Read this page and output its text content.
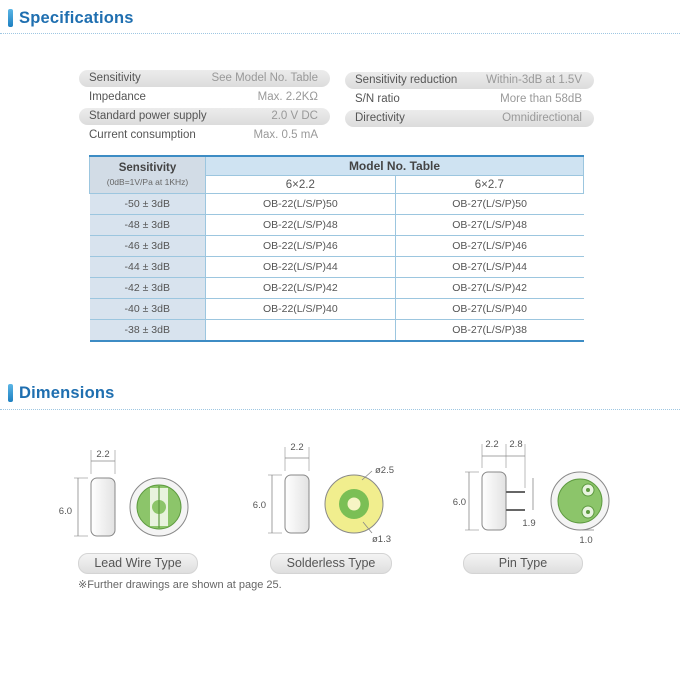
Specifications
Sensitivity	See Model No. Table
Impedance	Max. 2.2KΩ
Standard power supply	2.0 V DC
Current consumption	Max. 0.5 mA
Sensitivity reduction	Within-3dB at 1.5V
S/N ratio	More than 58dB
Directivity	Omnidirectional
Sensitivity
(0dB=1V/Pa at 1KHz)	Model No. Table	
	6×2.2	6×2.7
-50 ± 3dB	OB-22(L/S/P)50	OB-27(L/S/P)50
-48 ± 3dB	OB-22(L/S/P)48	OB-27(L/S/P)48
-46 ± 3dB	OB-22(L/S/P)46	OB-27(L/S/P)46
-44 ± 3dB	OB-22(L/S/P)44	OB-27(L/S/P)44
-42 ± 3dB	OB-22(L/S/P)42	OB-27(L/S/P)42
-40 ± 3dB	OB-22(L/S/P)40	OB-27(L/S/P)40
-38 ± 3dB		OB-27(L/S/P)38
Dimensions
2.2
6.0
2.2
6.0
ø2.5
ø1.3
2.2 2.8
6.0
1.9
1.0
Lead Wire Type	Solderless Type	Pin Type
※Further drawings are shown at page 25.
